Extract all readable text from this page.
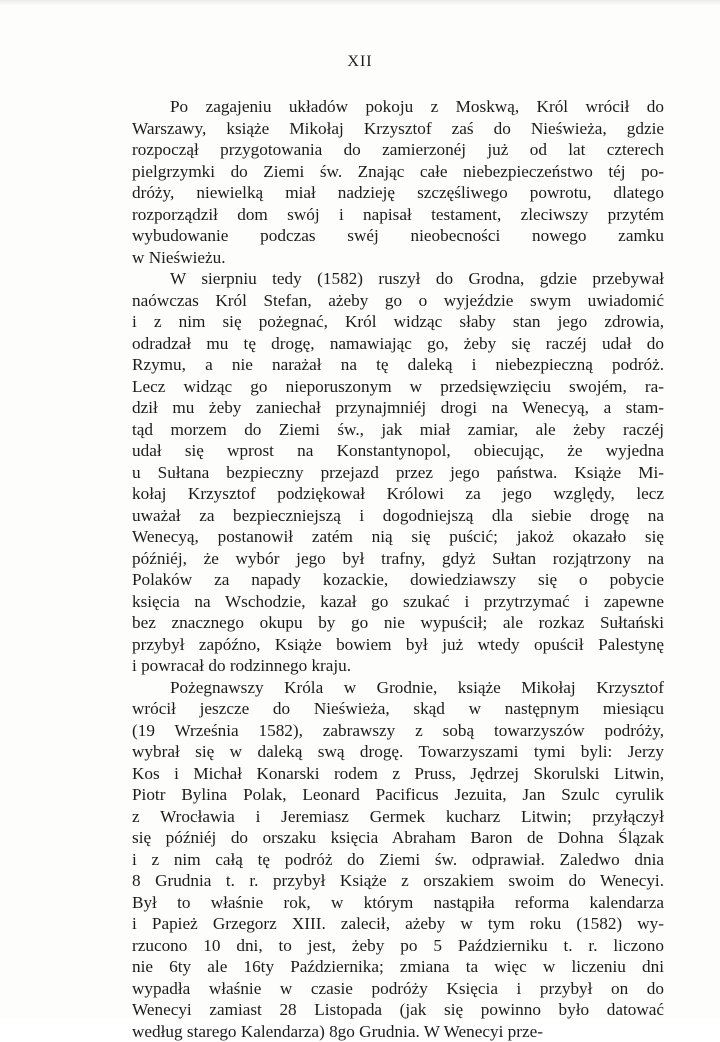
XII
Po zagajeniu układów pokoju z Moskwą, Król wrócił do
Warszawy, książe Mikołaj Krzysztof zaś do Nieświeża, gdzie
rozpoczął przygotowania do zamierzonéj już od lat czterech
pielgrzymki do Ziemi św. Znając całe niebezpieczeństwo téj po-
dróży, niewielką miał nadzieję szczęśliwego powrotu, dlatego
rozporządził dom swój i napisał testament, zleciwszy przytém
wybudowanie podczas swéj nieobecności nowego zamku
w Nieświeżu.
W sierpniu tedy (1582) ruszył do Grodna, gdzie przebywał
naówczas Król Stefan, ażeby go o wyjeździe swym uwiadomić
i z nim się pożegnać, Król widząc słaby stan jego zdrowia,
odradzał mu tę drogę, namawiając go, żeby się raczéj udał do
Rzymu, a nie narażał na tę daleką i niebezpieczną podróż.
Lecz widząc go nieporuszonym w przedsięwzięciu swojém, ra-
dził mu żeby zaniechał przynajmniéj drogi na Wenecyą, a stam-
tąd morzem do Ziemi św., jak miał zamiar, ale żeby raczéj
udał się wprost na Konstantynopol, obiecując, że wyjedna
u Sułtana bezpieczny przejazd przez jego państwa. Książe Mi-
kołaj Krzysztof podziękował Królowi za jego względy, lecz
uważał za bezpieczniejszą i dogodniejszą dla siebie drogę na
Wenecyą, postanowił zatém nią się puścić; jakoż okazało się
późniéj, że wybór jego był trafny, gdyż Sułtan rozjątrzony na
Polaków za napady kozackie, dowiedziawszy się o pobycie
księcia na Wschodzie, kazał go szukać i przytrzymać i zapewne
bez znacznego okupu by go nie wypuścił; ale rozkaz Sułtański
przybył zapóźno, Książe bowiem był już wtedy opuścił Palestynę
i powracał do rodzinnego kraju.
Pożegnawszy Króla w Grodnie, książe Mikołaj Krzysztof
wrócił jeszcze do Nieświeża, skąd w następnym miesiącu
(19 Września 1582), zabrawszy z sobą towarzyszów podróży,
wybrał się w daleką swą drogę. Towarzyszami tymi byli: Jerzy
Kos i Michał Konarski rodem z Pruss, Jędrzej Skorulski Litwin,
Piotr Bylina Polak, Leonard Pacificus Jezuita, Jan Szulc cyrulik
z Wrocławia i Jeremiasz Germek kucharz Litwin; przyłączył
się późniéj do orszaku księcia Abraham Baron de Dohna Ślązak
i z nim całą tę podróż do Ziemi św. odprawiał. Zaledwo dnia
8 Grudnia t. r. przybył Książe z orszakiem swoim do Wenecyi.
Był to właśnie rok, w którym nastąpiła reforma kalendarza
i Papież Grzegorz XIII. zalecił, ażeby w tym roku (1582) wy-
rzucono 10 dni, to jest, żeby po 5 Październiku t. r. liczono
nie 6ty ale 16ty Października; zmiana ta więc w liczeniu dni
wypadła właśnie w czasie podróży Księcia i przybył on do
Wenecyi zamiast 28 Listopada (jak się powinno było datować
według starego Kalendarza) 8go Grudnia. W Wenecyi prze-
